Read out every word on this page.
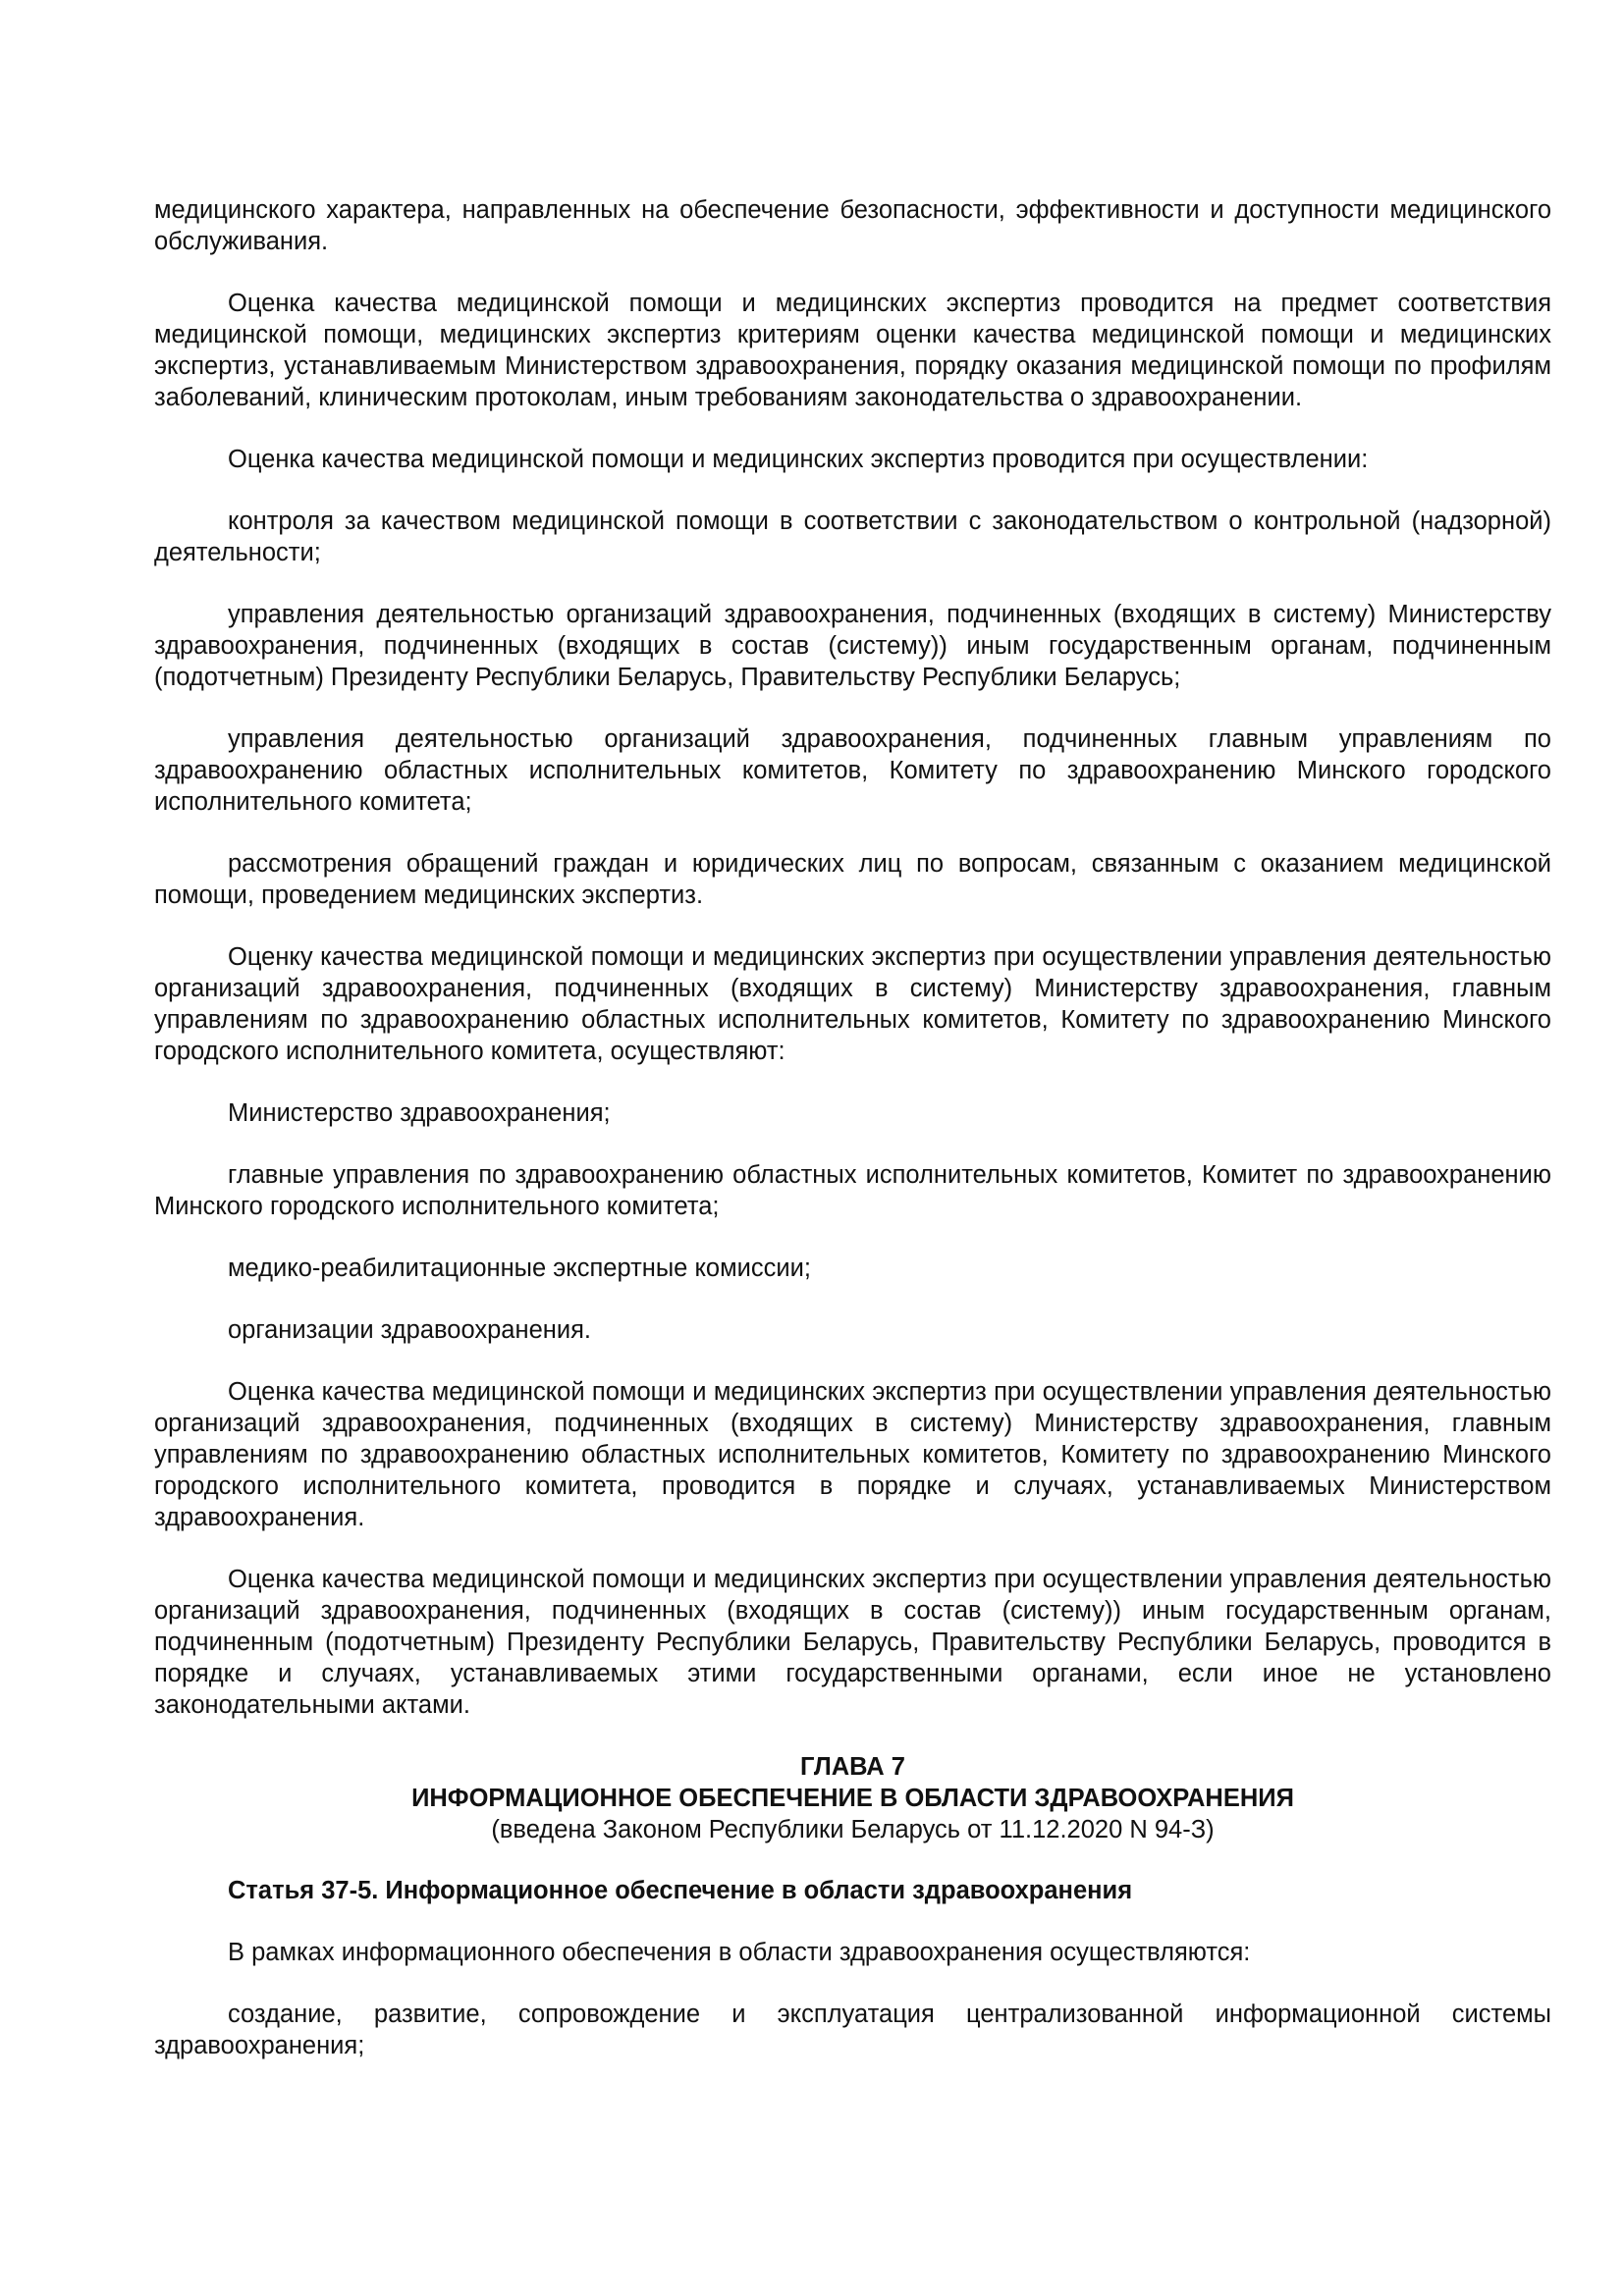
медицинского характера, направленных на обеспечение безопасности, эффективности и доступности медицинского обслуживания.

Оценка качества медицинской помощи и медицинских экспертиз проводится на предмет соответствия медицинской помощи, медицинских экспертиз критериям оценки качества медицинской помощи и медицинских экспертиз, устанавливаемым Министерством здравоохранения, порядку оказания медицинской помощи по профилям заболеваний, клиническим протоколам, иным требованиям законодательства о здравоохранении.

Оценка качества медицинской помощи и медицинских экспертиз проводится при осуществлении:

контроля за качеством медицинской помощи в соответствии с законодательством о контрольной (надзорной) деятельности;

управления деятельностью организаций здравоохранения, подчиненных (входящих в систему) Министерству здравоохранения, подчиненных (входящих в состав (систему)) иным государственным органам, подчиненным (подотчетным) Президенту Республики Беларусь, Правительству Республики Беларусь;

управления деятельностью организаций здравоохранения, подчиненных главным управлениям по здравоохранению областных исполнительных комитетов, Комитету по здравоохранению Минского городского исполнительного комитета;

рассмотрения обращений граждан и юридических лиц по вопросам, связанным с оказанием медицинской помощи, проведением медицинских экспертиз.

Оценку качества медицинской помощи и медицинских экспертиз при осуществлении управления деятельностью организаций здравоохранения, подчиненных (входящих в систему) Министерству здравоохранения, главным управлениям по здравоохранению областных исполнительных комитетов, Комитету по здравоохранению Минского городского исполнительного комитета, осуществляют:

Министерство здравоохранения;

главные управления по здравоохранению областных исполнительных комитетов, Комитет по здравоохранению Минского городского исполнительного комитета;

медико-реабилитационные экспертные комиссии;

организации здравоохранения.

Оценка качества медицинской помощи и медицинских экспертиз при осуществлении управления деятельностью организаций здравоохранения, подчиненных (входящих в систему) Министерству здравоохранения, главным управлениям по здравоохранению областных исполнительных комитетов, Комитету по здравоохранению Минского городского исполнительного комитета, проводится в порядке и случаях, устанавливаемых Министерством здравоохранения.

Оценка качества медицинской помощи и медицинских экспертиз при осуществлении управления деятельностью организаций здравоохранения, подчиненных (входящих в состав (систему)) иным государственным органам, подчиненным (подотчетным) Президенту Республики Беларусь, Правительству Республики Беларусь, проводится в порядке и случаях, устанавливаемых этими государственными органами, если иное не установлено законодательными актами.

ГЛАВА 7
ИНФОРМАЦИОННОЕ ОБЕСПЕЧЕНИЕ В ОБЛАСТИ ЗДРАВООХРАНЕНИЯ
(введена Законом Республики Беларусь от 11.12.2020 N 94-З)

Статья 37-5. Информационное обеспечение в области здравоохранения

В рамках информационного обеспечения в области здравоохранения осуществляются:

создание, развитие, сопровождение и эксплуатация централизованной информационной системы здравоохранения;
